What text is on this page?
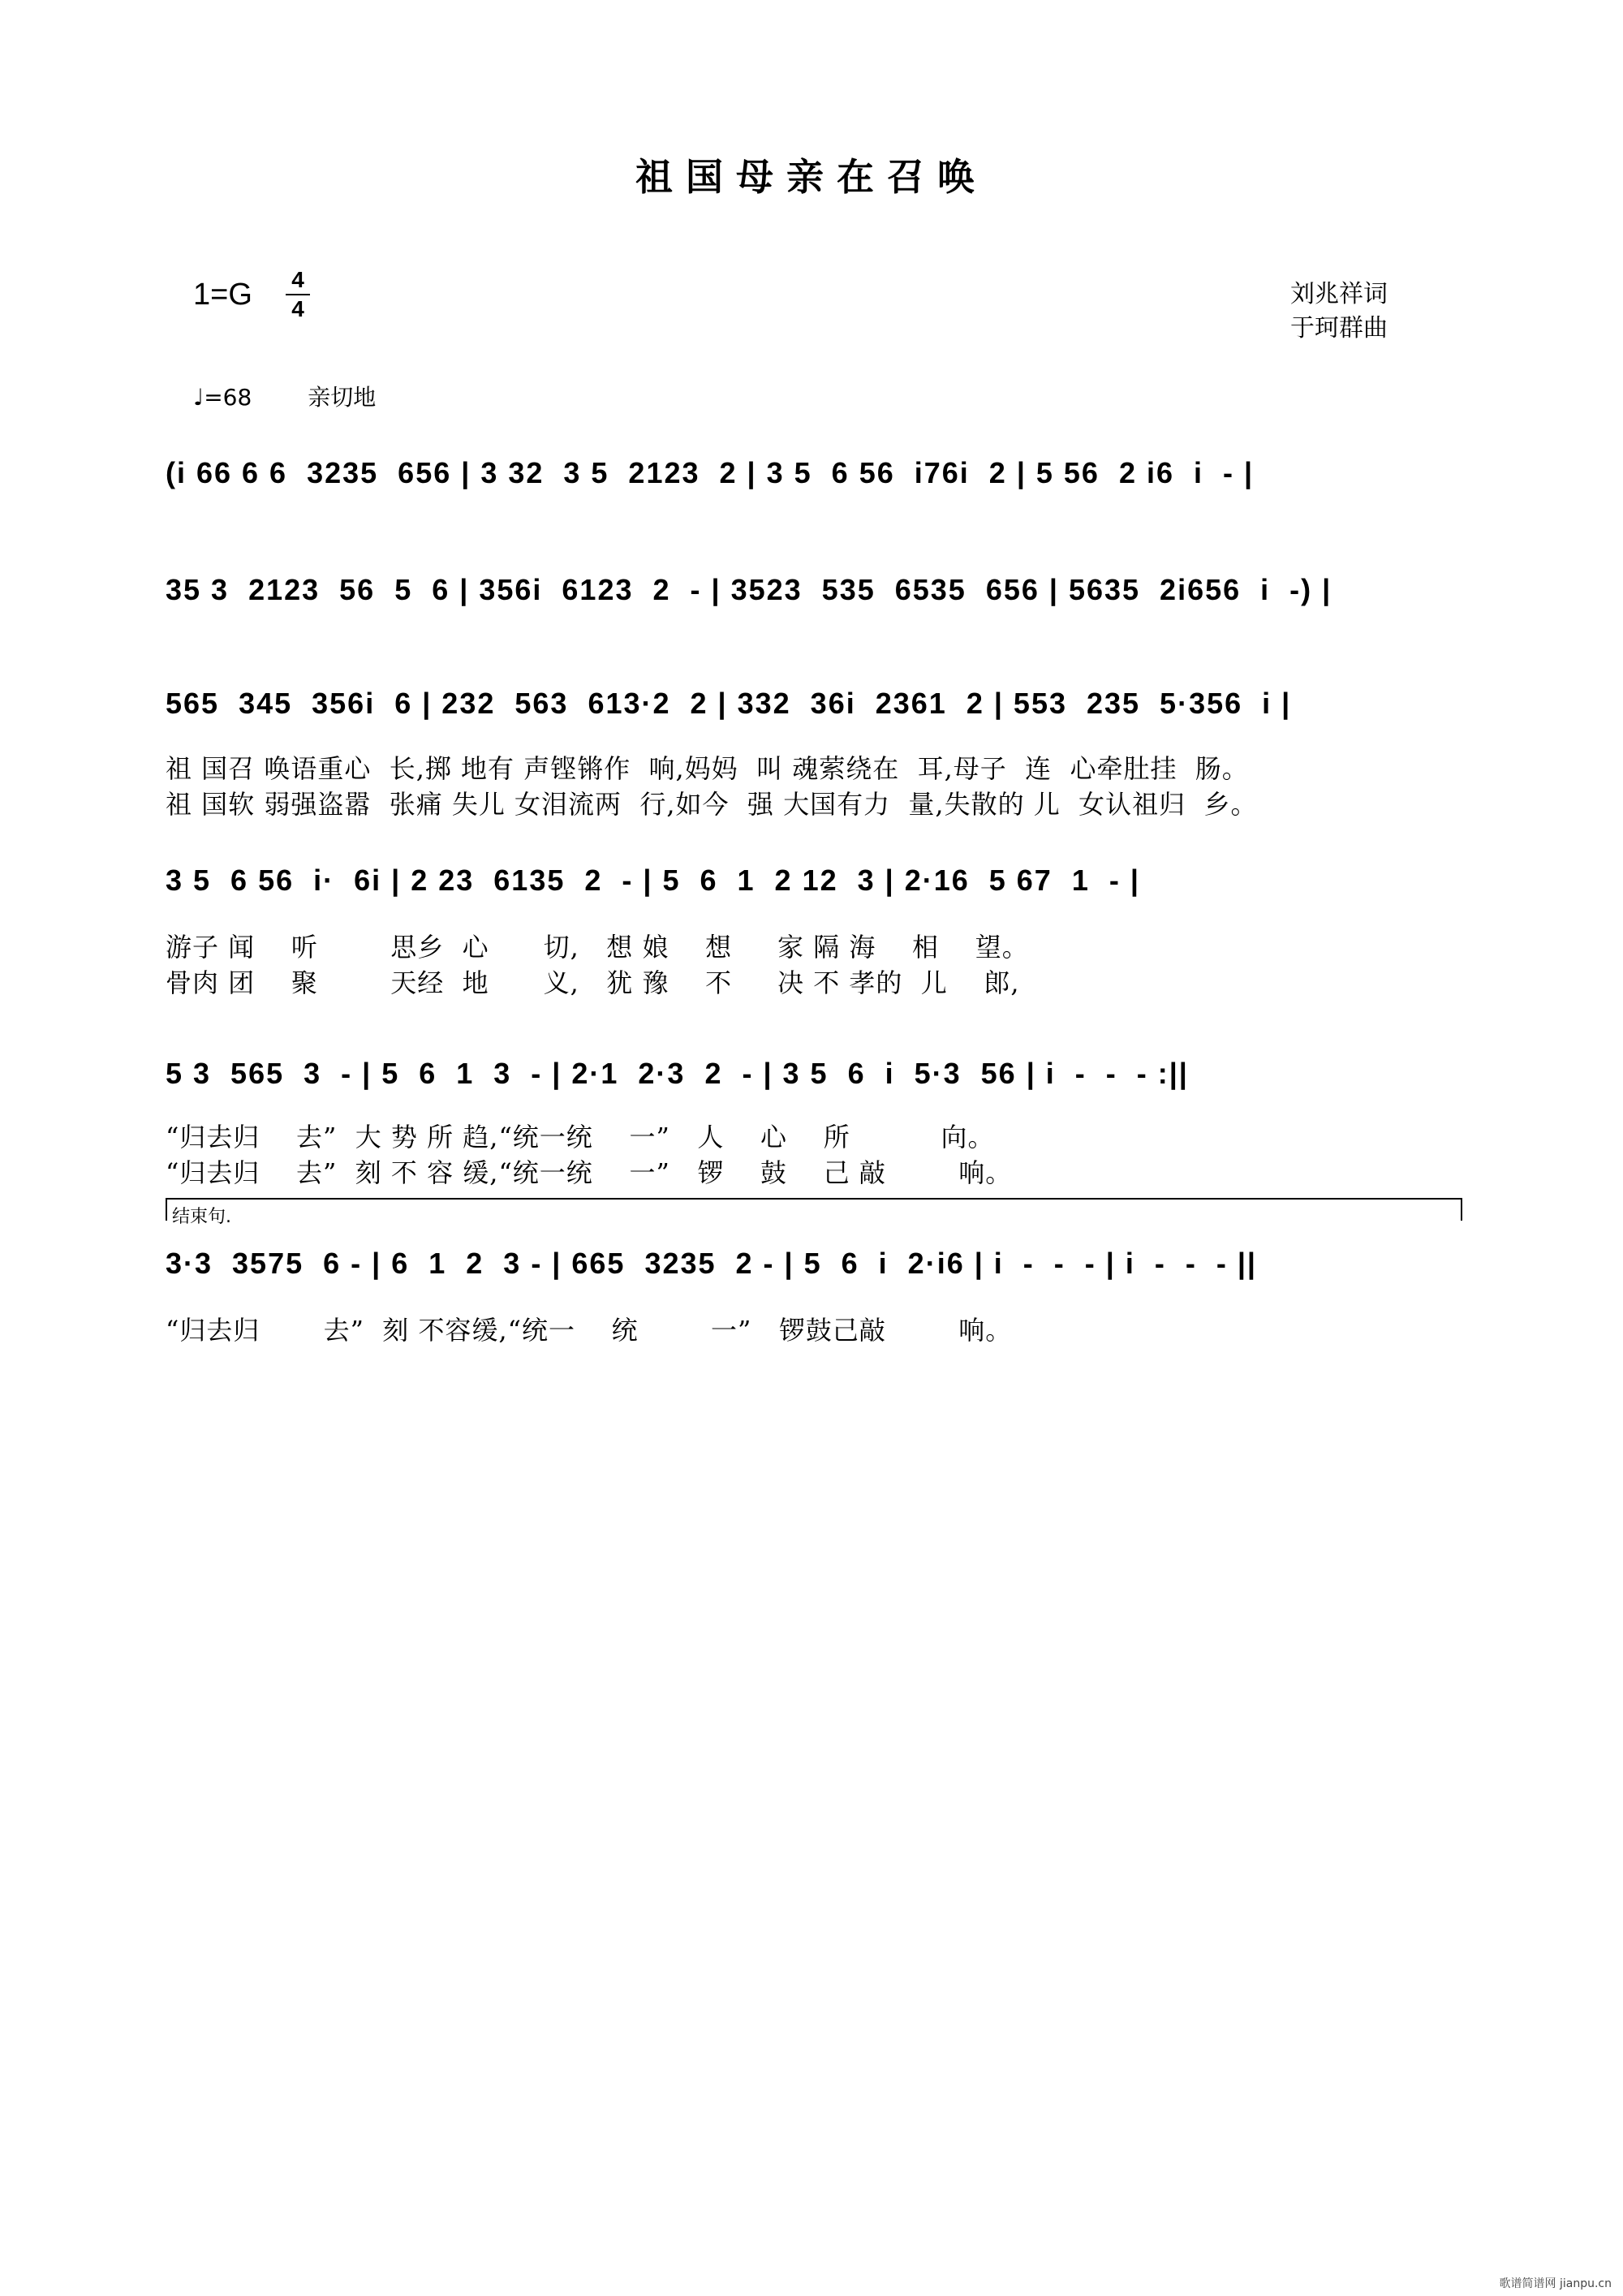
祖国母亲在召唤
1=G 4
4
刘兆祥词
于珂群曲
♩=68 亲切地
(i 66 6 6  3235  656 | 3 32  3 5  2123  2 | 3 5  6 56  i76i  2 | 5 56  2 i6  i  - |
35 3  2123  56  5  6 | 356i  6123  2  - | 3523  535  6535  656 | 5635  2i656  i  -) |
565  345  356i  6 | 232  563  613·2  2 | 332  36i  2361  2 | 553  235  5·356  i |
祖 国召 唤语重心  长,掷 地有 声铿锵作  响,妈妈  叫 魂萦绕在  耳,母子  连  心牵肚挂  肠。
祖 国软 弱强盗嚣  张痛 失儿 女泪流两  行,如今  强 大国有力  量,失散的 儿  女认祖归  乡。
3 5  6 56  i·  6i | 2 23  6135  2  - | 5  6  1  2 12  3 | 2·16  5 67  1  - |
游子 闻    听        思乡  心      切,   想 娘    想     家 隔 海    相    望。
骨肉 团    聚        天经  地      义,   犹 豫    不     决 不 孝的  儿    郎,
5 3  565  3  - | 5  6  1  3  - | 2·1  2·3  2  - | 3 5  6  i  5·3  56 | i  -  -  - :||
“归去归    去”  大 势 所 趋,“统一统    一”   人    心    所          向。
“归去归    去”  刻 不 容 缓,“统一统    一”   锣    鼓    己 敲        响。
结束句.
3·3  3575  6 - | 6  1  2  3 - | 665  3235  2 - | 5  6  i  2·i6 | i  -  -  - | i  -  -  - ||
“归去归       去”  刻 不容缓,“统一    统        一”   锣鼓己敲        响。
歌谱简谱网 jianpu.cn
